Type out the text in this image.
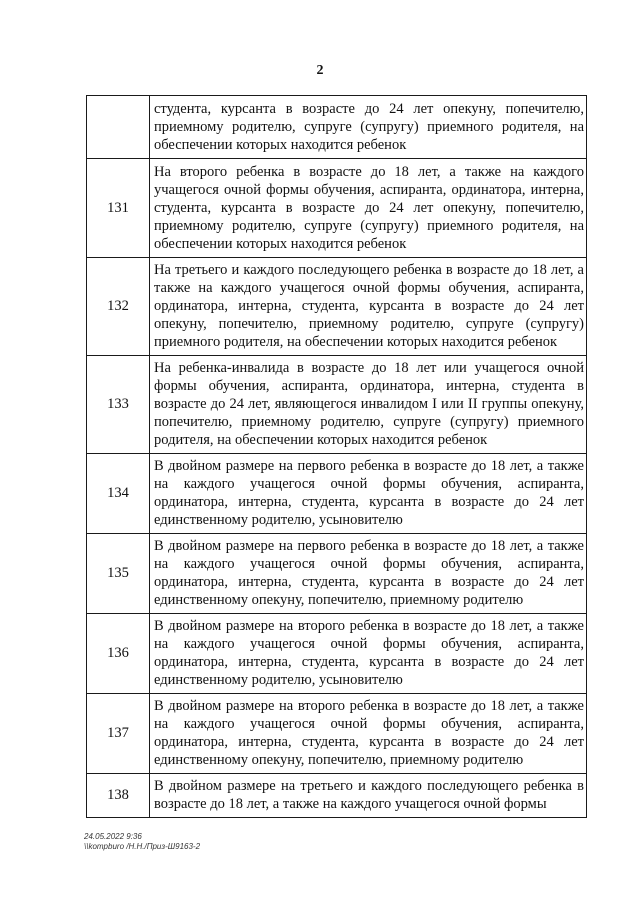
2
	студента, курсанта в возрасте до 24 лет опекуну, попечителю, приемному родителю, супруге (супругу) приемного родителя, на обеспечении которых находится ребенок
131	На второго ребенка в возрасте до 18 лет, а также на каждого учащегося очной формы обучения, аспиранта, ординатора, интерна, студента, курсанта в возрасте до 24 лет опекуну, попечителю, приемному родителю, супруге (супругу) приемного родителя, на обеспечении которых находится ребенок
132	На третьего и каждого последующего ребенка в возрасте до 18 лет, а также на каждого учащегося очной формы обучения, аспиранта, ординатора, интерна, студента, курсанта в возрасте до 24 лет опекуну, попечителю, приемному родителю, супруге (супругу) приемного родителя, на обеспечении которых находится ребенок
133	На ребенка-инвалида в возрасте до 18 лет или учащегося очной формы обучения, аспиранта, ординатора, интерна, студента в возрасте до 24 лет, являющегося инвалидом I или II группы опекуну, попечителю, приемному родителю, супруге (супругу) приемного родителя, на обеспечении которых находится ребенок
134	В двойном размере на первого ребенка в возрасте до 18 лет, а также на каждого учащегося очной формы обучения, аспиранта, ординатора, интерна, студента, курсанта в возрасте до 24 лет единственному родителю, усыновителю
135	В двойном размере на первого ребенка в возрасте до 18 лет, а также на каждого учащегося очной формы обучения, аспиранта, ординатора, интерна, студента, курсанта в возрасте до 24 лет единственному опекуну, попечителю, приемному родителю
136	В двойном размере на второго ребенка в возрасте до 18 лет, а также на каждого учащегося очной формы обучения, аспиранта, ординатора, интерна, студента, курсанта в возрасте до 24 лет единственному родителю, усыновителю
137	В двойном размере на второго ребенка в возрасте до 18 лет, а также на каждого учащегося очной формы обучения, аспиранта, ординатора, интерна, студента, курсанта в возрасте до 24 лет единственному опекуну, попечителю, приемному родителю
138	В двойном размере на третьего и каждого последующего ребенка в возрасте до 18 лет, а также на каждого учащегося очной формы
24.05.2022 9:36
\\kompburo /Н.Н./Приз-Ш9163-2
